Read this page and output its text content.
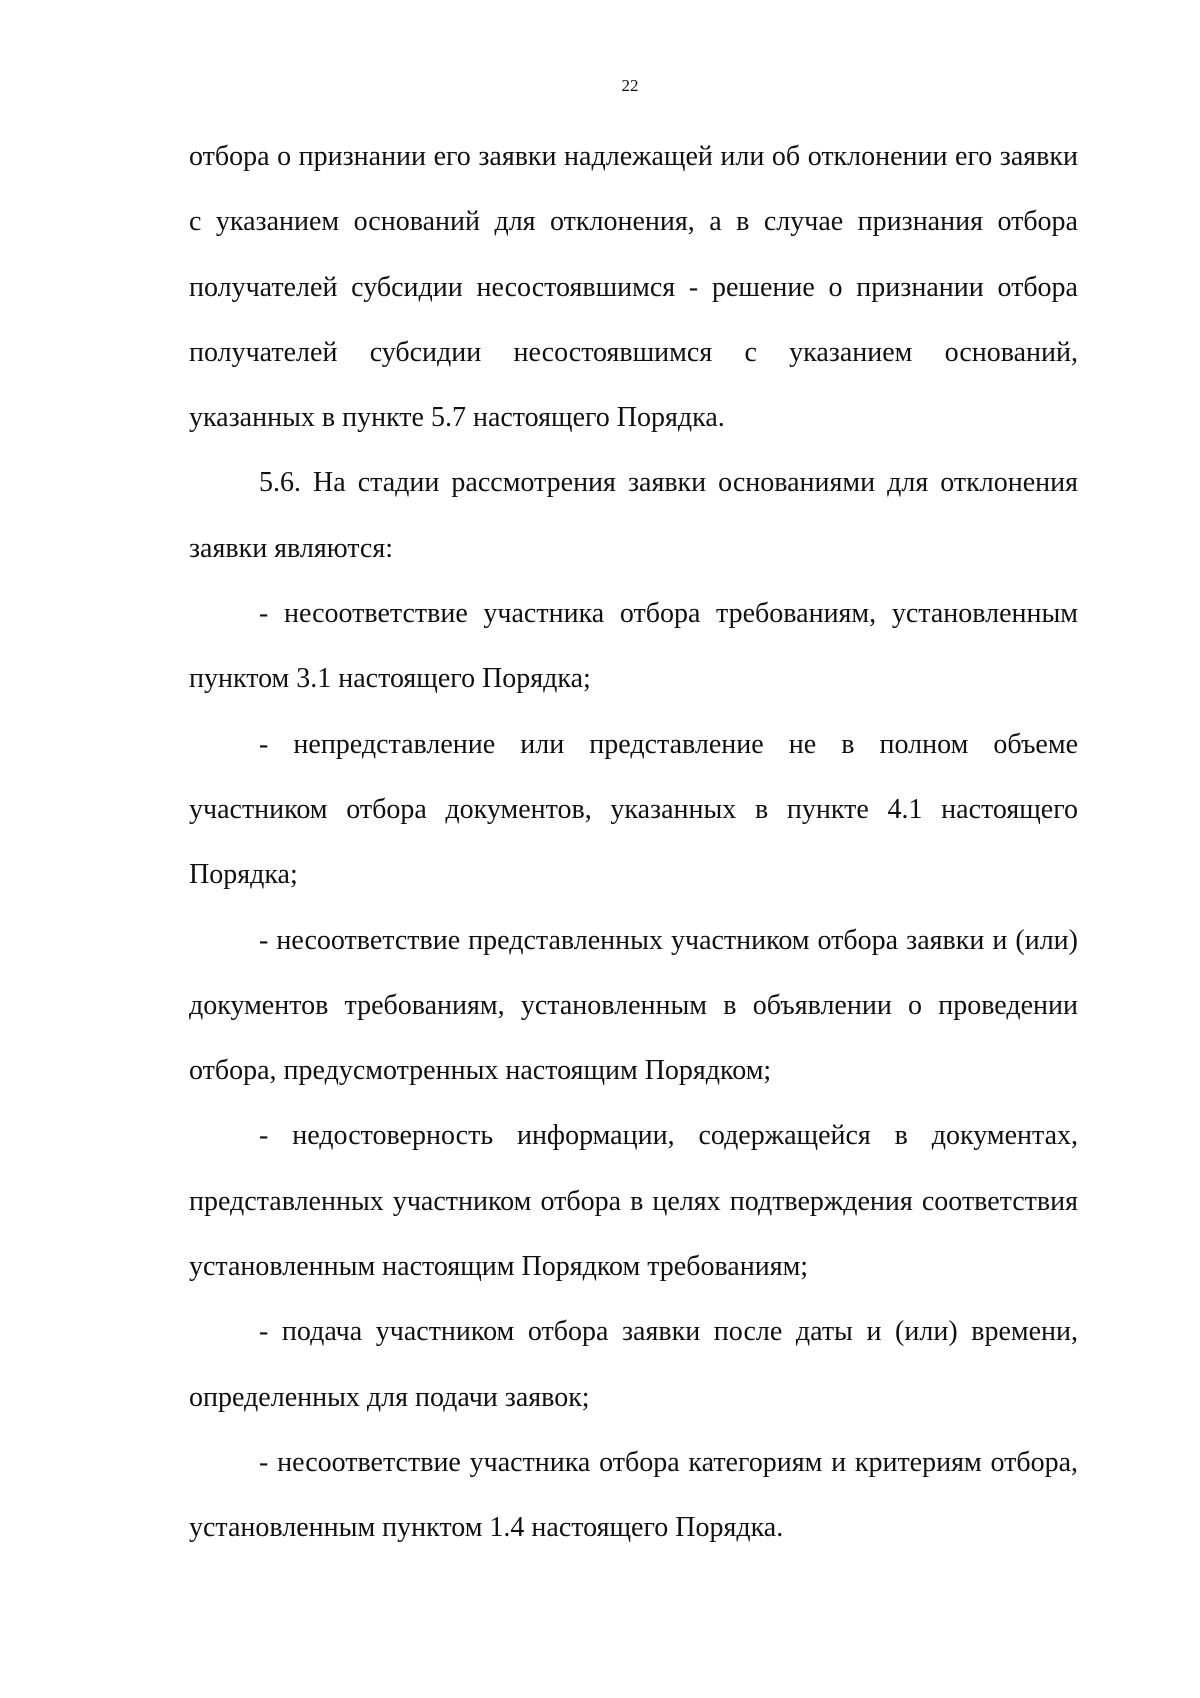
22

отбора о признании его заявки надлежащей или об отклонении его заявки с указанием оснований для отклонения, а в случае признания отбора получателей субсидии несостоявшимся - решение о признании отбора получателей субсидии несостоявшимся с указанием оснований, указанных в пункте 5.7 настоящего Порядка.

5.6. На стадии рассмотрения заявки основаниями для отклонения заявки являются:

- несоответствие участника отбора требованиям, установленным пунктом 3.1 настоящего Порядка;

- непредставление или представление не в полном объеме участником отбора документов, указанных в пункте 4.1 настоящего Порядка;

- несоответствие представленных участником отбора заявки и (или) документов требованиям, установленным в объявлении о проведении отбора, предусмотренных настоящим Порядком;

- недостоверность информации, содержащейся в документах, представленных участником отбора в целях подтверждения соответствия установленным настоящим Порядком требованиям;

- подача участником отбора заявки после даты и (или) времени, определенных для подачи заявок;

- несоответствие участника отбора категориям и критериям отбора, установленным пунктом 1.4 настоящего Порядка.
